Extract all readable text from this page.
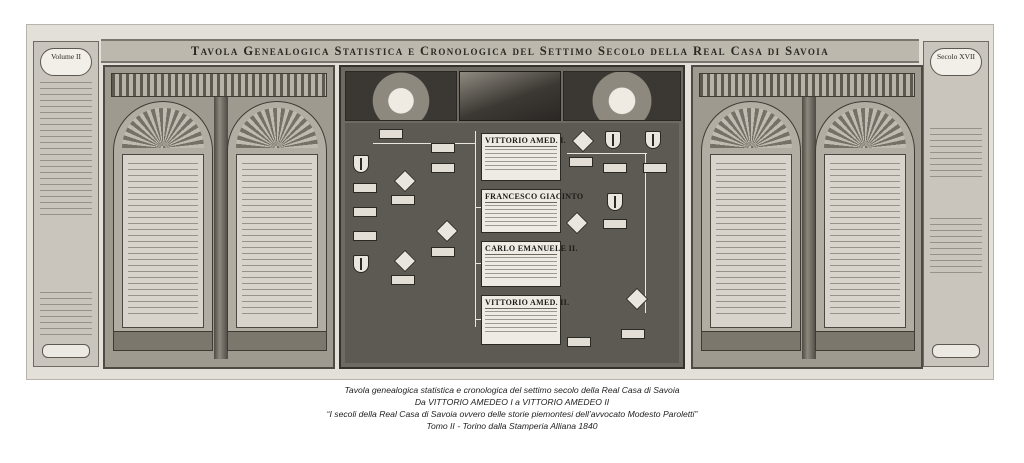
Tavola Genealogica Statistica e Cronologica del Settimo Secolo della Real Casa di Savoia
Volume II
VITTORIO AMED. I.
FRANCESCO GIACINTO
CARLO EMANUELE II.
VITTORIO AMED. II.
Secolo XVII
Tavola genealogica statistica e cronologica del settimo secolo della Real Casa di Savoia
Da VITTORIO AMEDEO I a VITTORIO AMEDEO II
“I secoli della Real Casa di Savoia ovvero delle storie piemontesi dell’avvocato Modesto Paroletti”
Tomo II - Torino dalla Stamperia Alliana 1840
